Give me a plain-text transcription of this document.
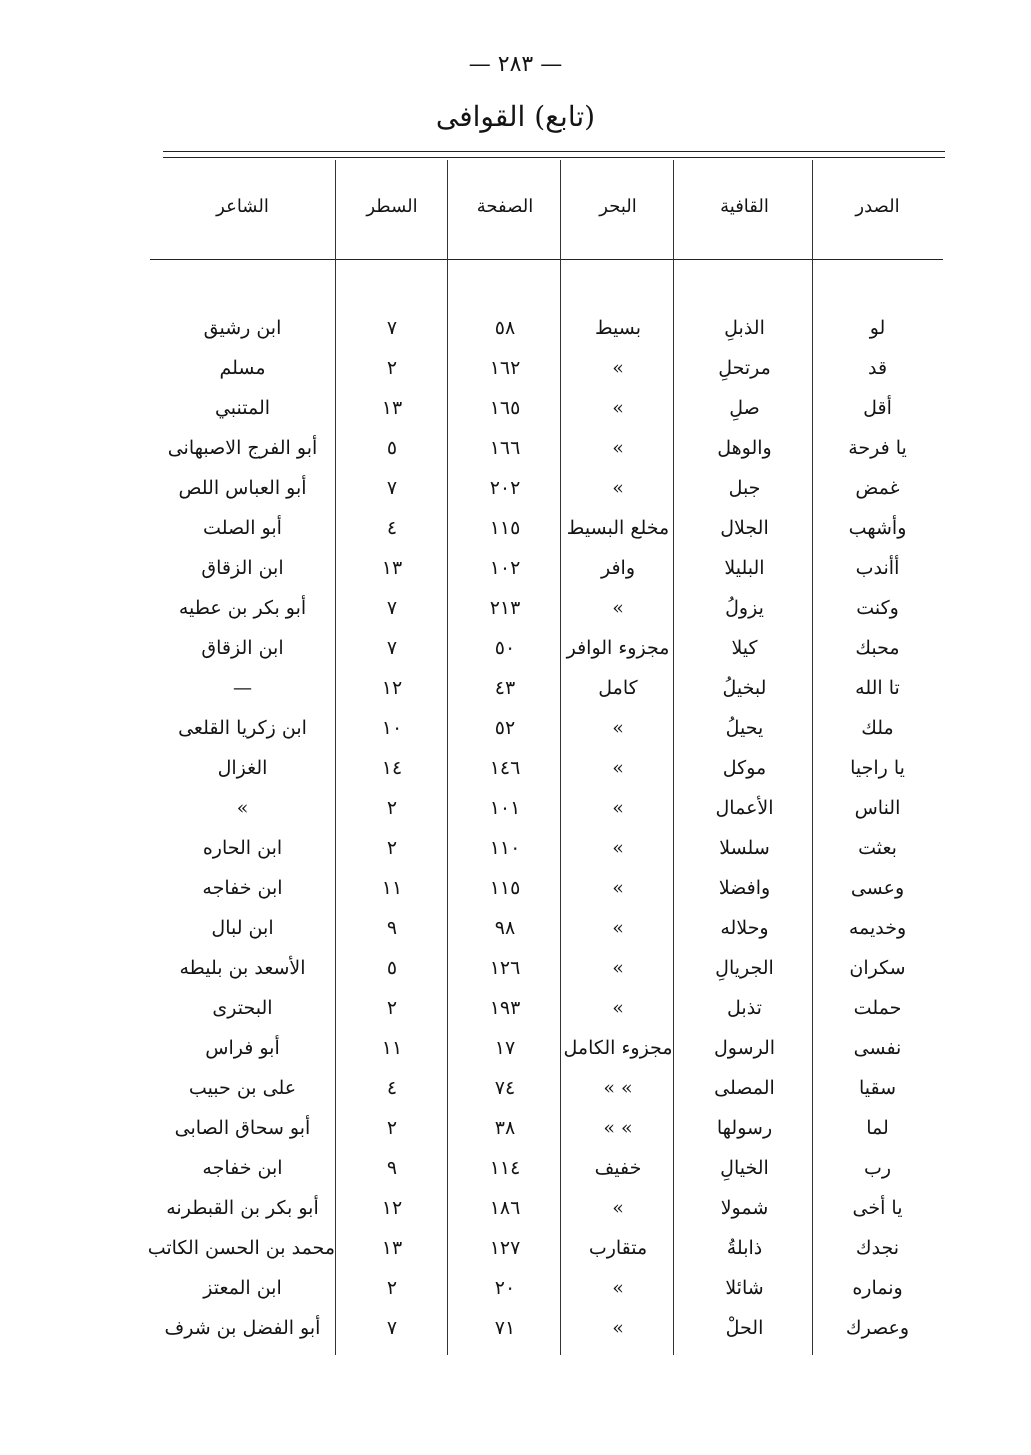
— ٢٨٣ —
(تابع) القوافى
الصدر
القافية
البحر
الصفحة
السطر
الشاعر
لو
الذبلِ
بسيط
٥٨
٧
ابن رشيق
قد
مرتحلِ
»
١٦٢
٢
مسلم
أقل
صلِ
»
١٦٥
١٣
المتنبي
يا فرحة
والوهل
»
١٦٦
٥
أبو الفرج الاصبهانى
غمض
جبل
»
٢٠٢
٧
أبو العباس اللص
وأشهب
الجلال
مخلع البسيط
١١٥
٤
أبو الصلت
أأندب
البليلا
وافر
١٠٢
١٣
ابن الزقاق
وكنت
يزولُ
»
٢١٣
٧
أبو بكر بن عطيه
محبك
كيلا
مجزوء الوافر
٥٠
٧
ابن الزقاق
تا الله
لبخيلُ
كامل
٤٣
١٢
—
ملك
يحيلُ
»
٥٢
١٠
ابن زكريا القلعى
يا راجيا
موكل
»
١٤٦
١٤
الغزال
الناس
الأعمال
»
١٠١
٢
»
بعثت
سلسلا
»
١١٠
٢
ابن الحاره
وعسى
وافضلا
»
١١٥
١١
ابن خفاجه
وخديمه
وحلاله
»
٩٨
٩
ابن لبال
سكران
الجريالِ
»
١٢٦
٥
الأسعد بن بليطه
حملت
تذبل
»
١٩٣
٢
البحترى
نفسى
الرسول
مجزوء الكامل
١٧
١١
أبو فراس
سقيا
المصلى
» »
٧٤
٤
على بن حبيب
لما
رسولها
» »
٣٨
٢
أبو سحاق الصابى
رب
الخيالِ
خفيف
١١٤
٩
ابن خفاجه
يا أخى
شمولا
»
١٨٦
١٢
أبو بكر بن القبطرنه
نجدك
ذابلةُ
متقارب
١٢٧
١٣
محمد بن الحسن الكاتب
ونماره
شائلا
»
٢٠
٢
ابن المعتز
وعصرك
الحلْ
»
٧١
٧
أبو الفضل بن شرف
